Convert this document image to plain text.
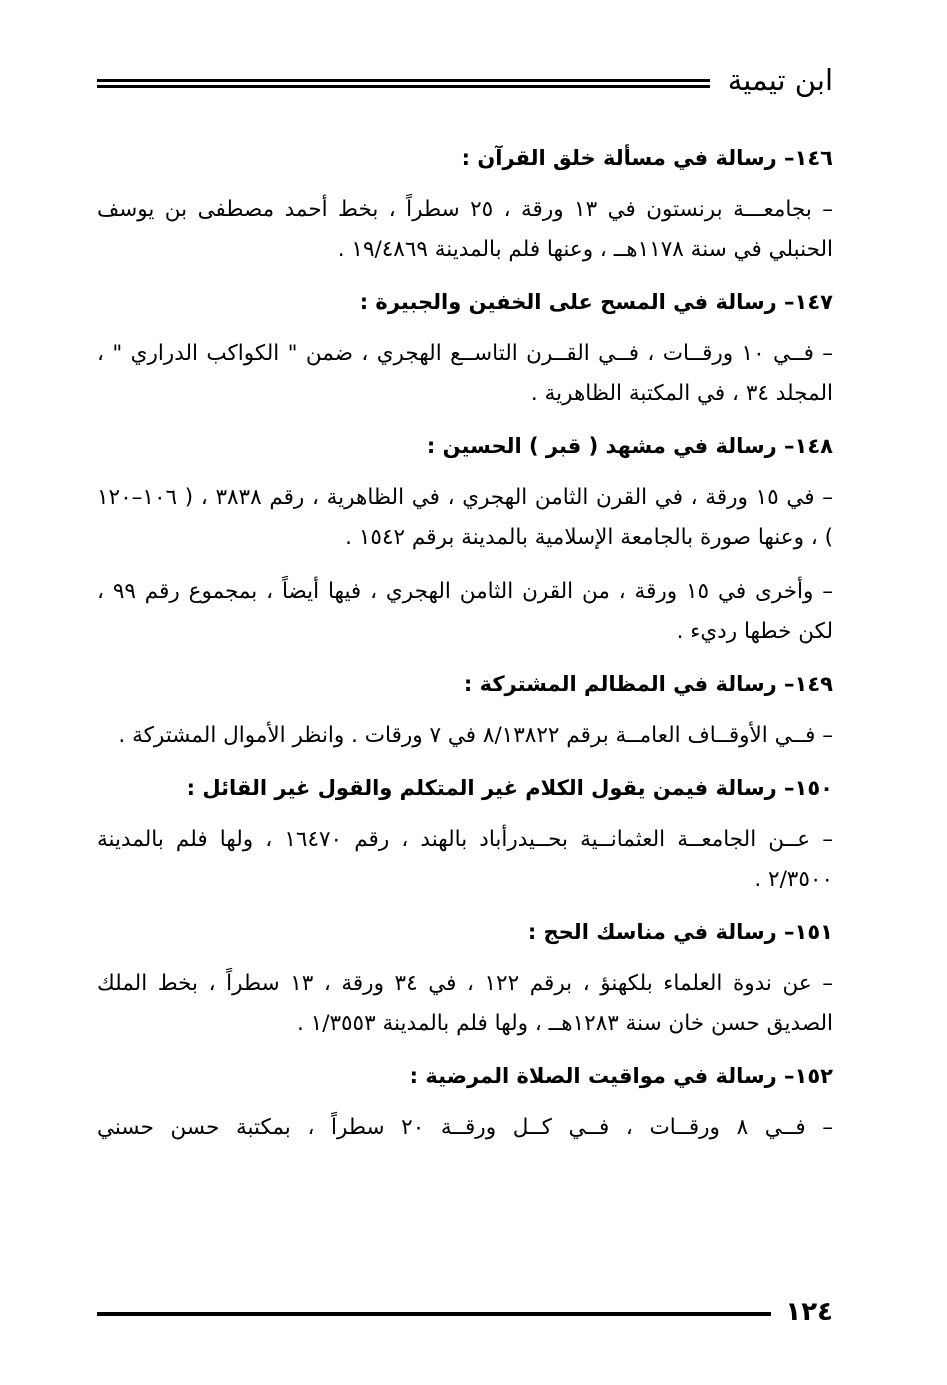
ابن تيمية

١٤٦– رسالة في مسألة خلق القرآن :

– بجامعـــة برنستون في ١٣ ورقة ، ٢٥ سطراً ، بخط أحمد مصطفى بن يوسف الحنبلي في سنة ١١٧٨هــ ، وعنها فلم بالمدينة ١٩/٤٨٦٩ .

١٤٧– رسالة في المسح على الخفين والجبيرة :

– فــي ١٠ ورقــات ، فــي القــرن التاســع الهجري ، ضمن " الكواكب الدراري " ، المجلد ٣٤ ، في المكتبة الظاهرية .

١٤٨– رسالة في مشهد ( قبر ) الحسين :

– في ١٥ ورقة ، في القرن الثامن الهجري ، في الظاهرية ، رقم ٣٨٣٨ ، ( ١٠٦–١٢٠ ) ، وعنها صورة بالجامعة الإسلامية بالمدينة برقم ١٥٤٢ .

– وأخرى في ١٥ ورقة ، من القرن الثامن الهجري ، فيها أيضاً ، بمجموع رقم ٩٩ ، لكن خطها رديء .

١٤٩– رسالة في المظالم المشتركة :

– فــي الأوقــاف العامــة برقم ٨/١٣٨٢٢ في ٧ ورقات . وانظر الأموال المشتركة .

١٥٠– رسالة فيمن يقول الكلام غير المتكلم والقول غير القائل :

– عــن الجامعــة العثمانــية بحــيدرأباد بالهند ، رقم ١٦٤٧٠ ، ولها فلم بالمدينة ٢/٣٥٠٠ .

١٥١– رسالة في مناسك الحج :

– عن ندوة العلماء بلكهنؤ ، برقم ١٢٢ ، في ٣٤ ورقة ، ١٣ سطراً ، بخط الملك الصديق حسن خان سنة ١٢٨٣هــ ، ولها فلم بالمدينة ١/٣٥٥٣ .

١٥٢– رسالة في مواقيت الصلاة المرضية :

– فــي ٨ ورقــات ، فــي كــل ورقــة ٢٠ سطراً ، بمكتبة حسن حسني

١٢٤
